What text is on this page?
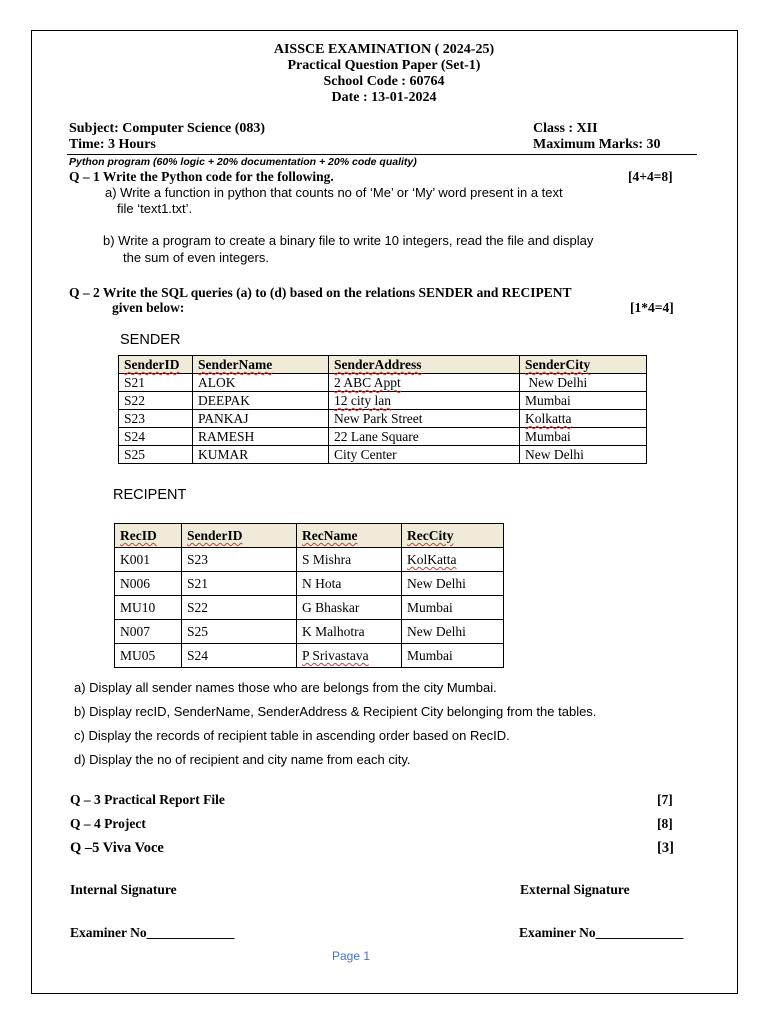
AISSCE EXAMINATION ( 2024-25)
Practical Question Paper (Set-1)
School Code : 60764
Date : 13-01-2024
Subject: Computer Science (083)	Class : XII
Time: 3 Hours	Maximum Marks: 30
Python program (60% logic + 20% documentation + 20% code quality)
Q – 1 Write the Python code for the following.	[4+4=8]
a) Write a function in python that counts no of ‘Me’ or ‘My’ word present in a text
file ‘text1.txt’.
b) Write a program to create a binary file to write 10 integers, read the file and display
the sum of even integers.
Q – 2 Write the SQL queries (a) to (d) based on the relations SENDER and RECIPENT
given below:	[1*4=4]
SENDER
SenderID	SenderName	SenderAddress	SenderCity
S21	ALOK	2 ABC Appt	New Delhi
S22	DEEPAK	12 city lan	Mumbai
S23	PANKAJ	New Park Street	Kolkatta
S24	RAMESH	22 Lane Square	Mumbai
S25	KUMAR	City Center	New Delhi
RECIPENT
RecID	SenderID	RecName	RecCity
K001	S23	S Mishra	KolKatta
N006	S21	N Hota	New Delhi
MU10	S22	G Bhaskar	Mumbai
N007	S25	K Malhotra	New Delhi
MU05	S24	P Srivastava	Mumbai
a) Display all sender names those who are belongs from the city Mumbai.
b) Display recID, SenderName, SenderAddress & Recipient City belonging from the tables.
c) Display the records of recipient table in ascending order based on RecID.
d) Display the no of recipient and city name from each city.
Q – 3 Practical Report File	[7]
Q – 4 Project	[8]
Q –5 Viva Voce	[3]
Internal Signature	External Signature
Examiner No_____________	Examiner No_____________
Page 1
